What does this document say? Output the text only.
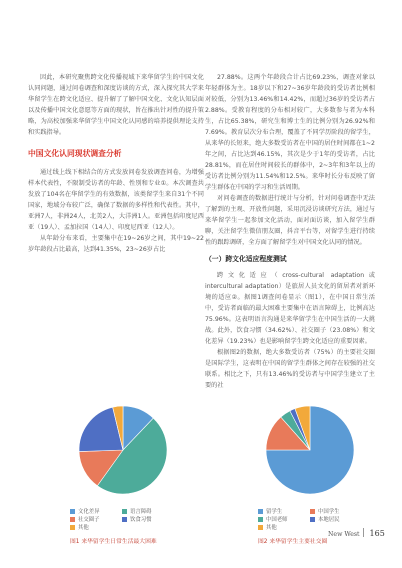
因此，本研究聚焦跨文化传播视域下来华留学生的中国文化认同问题，通过问卷调查和深度访谈的方式，深入探究其大学来华留学生在跨文化适应、提升解了了解中国文化、文化认知层面以及传播中国文化意愿等方面的现状，旨在推出针对性的提升策略，为高校加强来华留学生中国文化认同感的培养提供理论支持和实践指导。

中国文化认同现状调查分析

通过线上线下相结合的方式发放问卷发放调查问卷，为增强样本代表性，不限制受访者的年龄、性别和专业①。本次调查共发放了104名在华留学生的有效数据，该类留学生来自31个不同国家，地域分布较广泛，确保了数据的多样性和代表性。其中，亚洲7人，非洲24人，北美2人，大洋洲1人。亚洲包括印度尼西亚（19人）、孟加拉国（14人）、印度尼西亚（12人）。

从年龄分布来看，主要集中在19~26岁之间，其中19~22岁年龄段占比最高，达到41.35%，23~26岁占比

27.88%。这两个年龄段合计占比69.23%，调查对象以年轻群体为主。18岁以下和27~36岁年龄段的受访者比例相对较低，分别为13.46%和14.42%，而超过36岁的受访者占2.88%。受教育程度的分布相对较广，大多数参与者为本科生，占比65.38%，研究生和博士生的比例分别为26.92%和7.69%。教育层次分布合理，覆盖了不同学历阶段的留学生，从来华的长短来，绝大多数受访者在中国的居住时间都在1~2年之间，占比达到46.15%，其次是少于1年的受访者，占比28.81%，而在居住时间较长的群体中，2~3年和3年以上的受访者比例分别为11.54%和12.5%。来华时长分布反映了留学生群体在中国的学习和生活周期。

对问卷调查的数据进行统计与分析，针对问卷调查中无法了解到的主观、开放性问题，采用沉浸访谈研究方法，通过与来华留学生一起参加文化活动，面对面访谈，加入留学生群聊，关注留学生微信朋友圈，抖音平台等，对留学生进行持续性的跟踪调研，全方面了解留学生对中国文化认同的情况。

（一）跨文化适应程度测试

跨文化适应（cross-cultural adaptation或intercultural adaptation）是旅居人员文化的留居者对新环境的适应②。据图1调查问卷显示（图1），在中国日常生活中，受访者面临的最大困难主要集中在语言障碍上，比例高达75.96%。这表明语言沟通是来华留学生在中国生活的一大挑战。此外，饮食习惯（34.62%）、社交圈子（23.08%）和文化差异（19.23%）也是影响留学生跨文化适应的重要因素。

根据图2的数据，绝大多数受访者（75%）的主要社交圈是国际学生，这表明在中国的留学生群体之间存在较强的社交联系。相比之下，只有13.46%的受访者与中国学生建立了主要的社

文化差异	语言障碍
社交圈子	饮食习惯
其他
图1 来华留学生日常生活最大困难
留学生	中国学生
中国老师	本地居民
其他
图2 来华留学生主要社交圈
New West 165
